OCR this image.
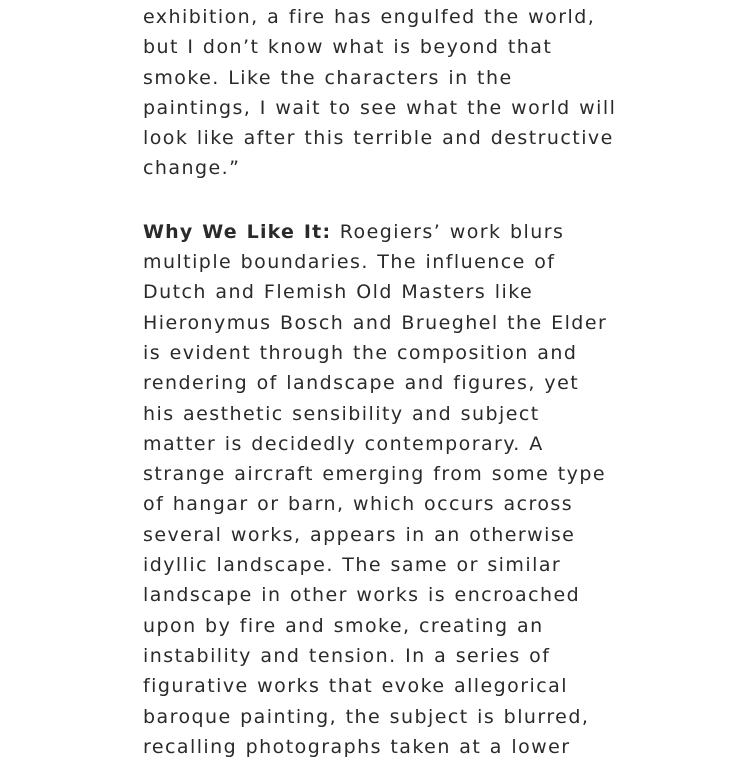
exhibition, a fire has engulfed the world,
but I don’t know what is beyond that
smoke. Like the characters in the
paintings, I wait to see what the world will
look like after this terrible and destructive
change.”
Why We Like It: Roegiers’ work blurs
multiple boundaries. The influence of
Dutch and Flemish Old Masters like
Hieronymus Bosch and Brueghel the Elder
is evident through the composition and
rendering of landscape and figures, yet
his aesthetic sensibility and subject
matter is decidedly contemporary. A
strange aircraft emerging from some type
of hangar or barn, which occurs across
several works, appears in an otherwise
idyllic landscape. The same or similar
landscape in other works is encroached
upon by fire and smoke, creating an
instability and tension. In a series of
figurative works that evoke allegorical
baroque painting, the subject is blurred,
recalling photographs taken at a lower
